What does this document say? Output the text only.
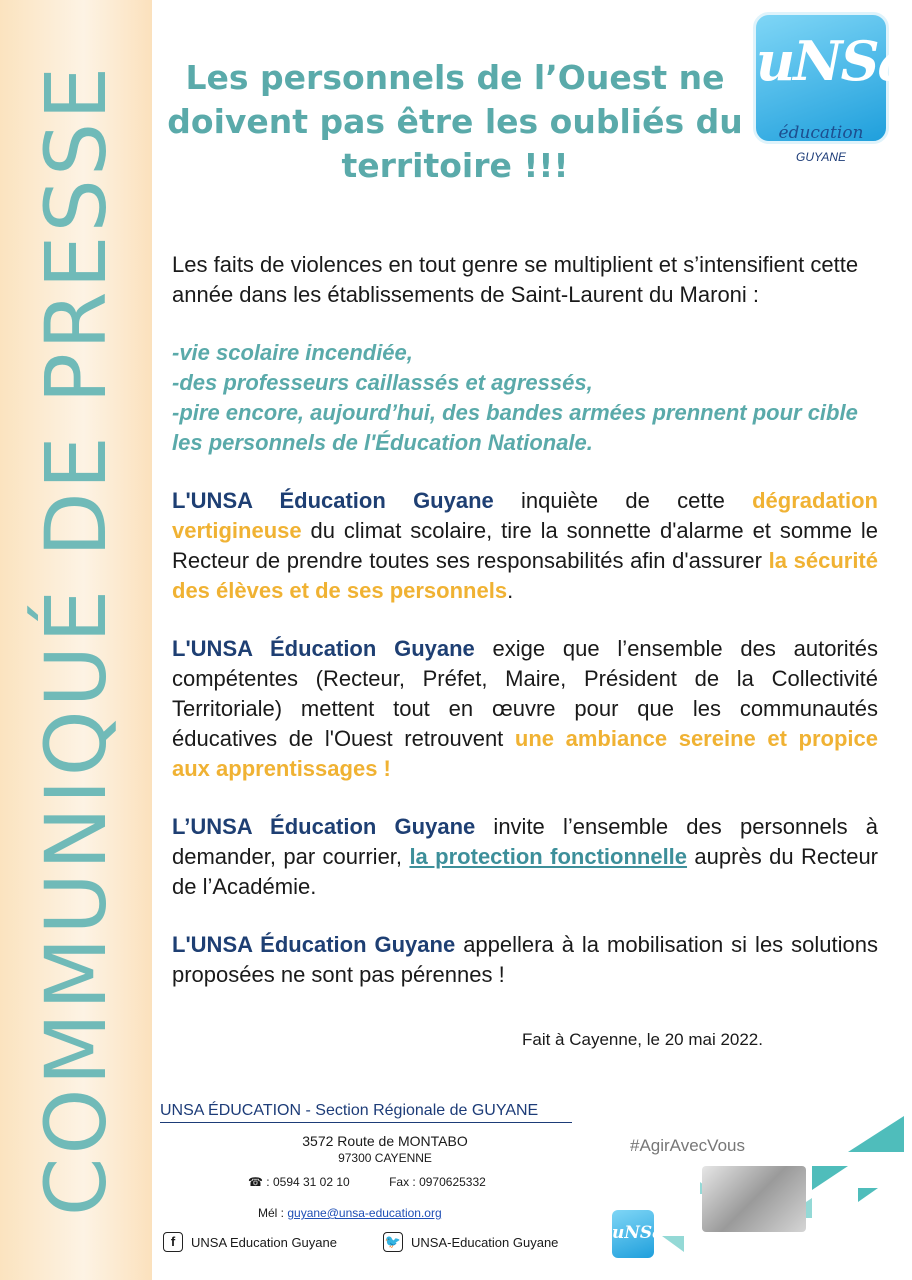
COMMUNIQUÉ DE PRESSE	Les personnels de l’Ouest ne
doivent pas être les oubliés du
territoire !!!
uNSa
éducation
GUYANE

Les faits de violences en tout genre se multiplient et s’intensifient cette année dans les établissements de Saint-Laurent du Maroni :

-vie scolaire incendiée,
-des professeurs caillassés et agressés,
-pire encore, aujourd’hui, des bandes armées prennent pour cible les personnels de l'Éducation Nationale.

L'UNSA Éducation Guyane inquiète de cette dégradation vertigineuse du climat scolaire, tire la sonnette d'alarme et somme le Recteur de prendre toutes ses responsabilités afin d'assurer la sécurité des élèves et de ses personnels.

L'UNSA Éducation Guyane exige que l’ensemble des autorités compétentes (Recteur, Préfet, Maire, Président de la Collectivité Territoriale) mettent tout en œuvre pour que les communautés éducatives de l'Ouest retrouvent une ambiance sereine et propice aux apprentissages !

L’UNSA Éducation Guyane invite l’ensemble des personnels à demander, par courrier, la protection fonctionnelle auprès du Recteur de l’Académie.

L'UNSA Éducation Guyane appellera à la mobilisation si les solutions proposées ne sont pas pérennes !

Fait à Cayenne, le 20 mai 2022.
UNSA ÉDUCATION - Section Régionale de GUYANE
3572 Route de MONTABO
97300 CAYENNE
☎ : 0594 31 02 10	Fax : 0970625332
Mél : guyane@unsa-education.org
f	UNSA Education Guyane	🐦 UNSA-Education Guyane
#AgirAvecVous
uNSa
